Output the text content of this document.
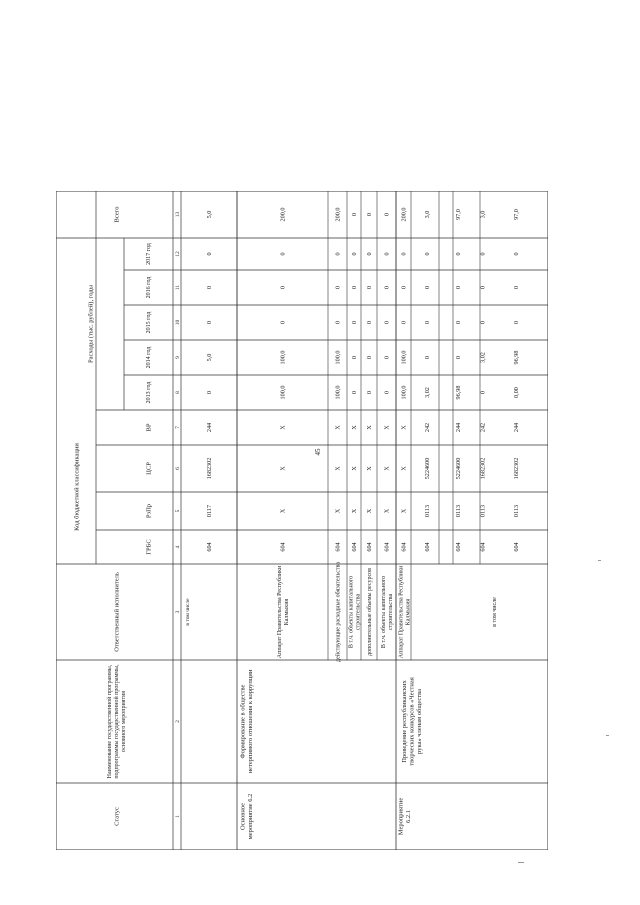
45
Статус
Наименование государственной программы,подпрограммы государственной программы,основного мероприятия
Ответственный исполнитель
Код бюджетной классификации
Расходы (тыс. рублей), годы
ГРБС
РзПр
ЦСР
ВР
2013 год
2014 год
2015 год
2016 год
2017 год
Всего
1
2
3
4
5
6
7
8
9
10
11
12
13
в том числе
604
0117
1682302
244
0
5,0
0
0
0
5,0
Основноемероприятие 6.2
Формирование в общественетерпимого отношения к коррупции
Аппарат Правительства РеспубликиКалмыкия
604
Х
Х
Х
100,0
100,0
0
0
0
200,0
действующие расходные обязательства
604
Х
Х
Х
100,0
100,0
0
0
0
200,0
В т.ч. объекты капитальногостроительства
604
Х
Х
Х
0
0
0
0
0
0
дополнительные объемы ресурсов
604
Х
Х
Х
0
0
0
0
0
0
В т.ч. объекты капитальногостроительства
604
Х
Х
Х
0
0
0
0
0
0
Мероприятие6.2.1
Проведение республиканскихтворческих конкурсов «Честнаярука» членам общества
Аппарат Правительства РеспубликиКалмыкия	в том числе
604
Х
Х
Х
100,0
100,0
0
0
0
200,0
604
0113
5224600
242
3,02
0
0
0
0
3,0
604
0113
5224600
244
96,98
0
0
0
0
97,0
604
0113
1682302
242
0
3,02
0
0
0
3,0
604
0113
1682302
244
0,00
96,98
0
0
0
97,0
